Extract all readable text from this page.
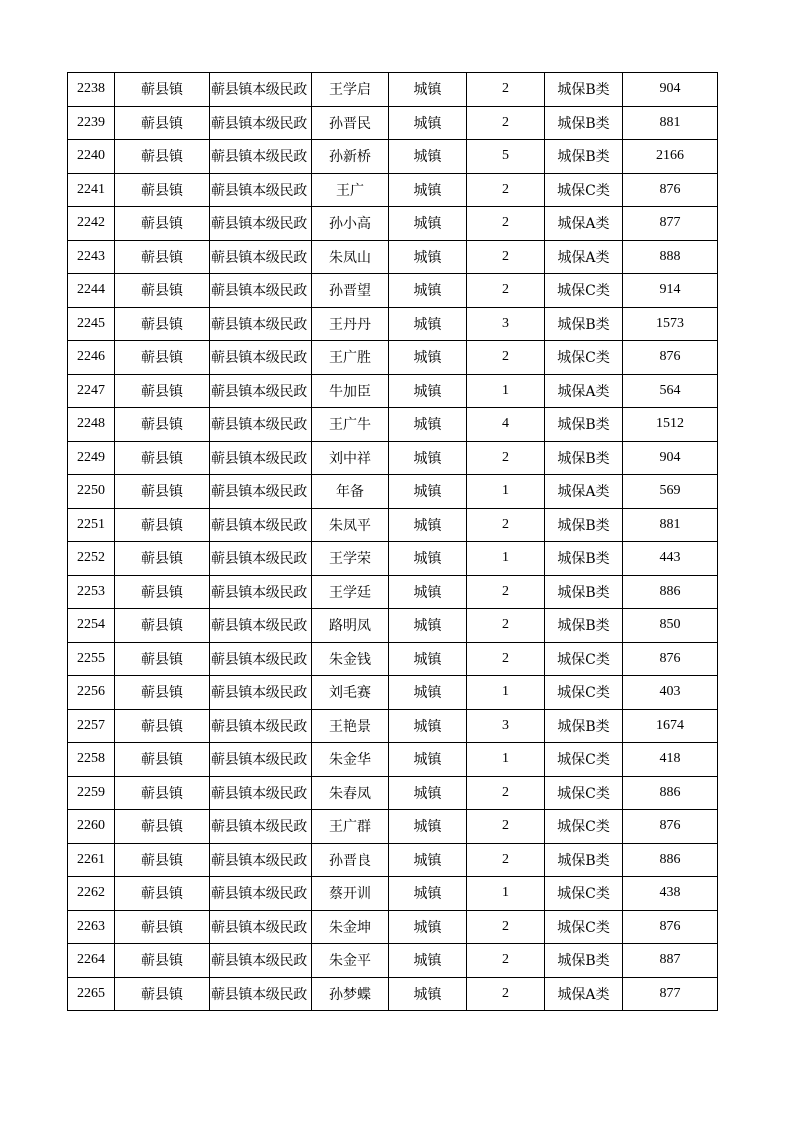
2238	蕲县镇	蕲县镇本级民政	王学启	城镇	2	城保B类	904
2239	蕲县镇	蕲县镇本级民政	孙晋民	城镇	2	城保B类	881
2240	蕲县镇	蕲县镇本级民政	孙新桥	城镇	5	城保B类	2166
2241	蕲县镇	蕲县镇本级民政	王广	城镇	2	城保C类	876
2242	蕲县镇	蕲县镇本级民政	孙小高	城镇	2	城保A类	877
2243	蕲县镇	蕲县镇本级民政	朱凤山	城镇	2	城保A类	888
2244	蕲县镇	蕲县镇本级民政	孙晋望	城镇	2	城保C类	914
2245	蕲县镇	蕲县镇本级民政	王丹丹	城镇	3	城保B类	1573
2246	蕲县镇	蕲县镇本级民政	王广胜	城镇	2	城保C类	876
2247	蕲县镇	蕲县镇本级民政	牛加臣	城镇	1	城保A类	564
2248	蕲县镇	蕲县镇本级民政	王广牛	城镇	4	城保B类	1512
2249	蕲县镇	蕲县镇本级民政	刘中祥	城镇	2	城保B类	904
2250	蕲县镇	蕲县镇本级民政	年备	城镇	1	城保A类	569
2251	蕲县镇	蕲县镇本级民政	朱凤平	城镇	2	城保B类	881
2252	蕲县镇	蕲县镇本级民政	王学荣	城镇	1	城保B类	443
2253	蕲县镇	蕲县镇本级民政	王学廷	城镇	2	城保B类	886
2254	蕲县镇	蕲县镇本级民政	路明凤	城镇	2	城保B类	850
2255	蕲县镇	蕲县镇本级民政	朱金钱	城镇	2	城保C类	876
2256	蕲县镇	蕲县镇本级民政	刘毛赛	城镇	1	城保C类	403
2257	蕲县镇	蕲县镇本级民政	王艳景	城镇	3	城保B类	1674
2258	蕲县镇	蕲县镇本级民政	朱金华	城镇	1	城保C类	418
2259	蕲县镇	蕲县镇本级民政	朱春凤	城镇	2	城保C类	886
2260	蕲县镇	蕲县镇本级民政	王广群	城镇	2	城保C类	876
2261	蕲县镇	蕲县镇本级民政	孙晋良	城镇	2	城保B类	886
2262	蕲县镇	蕲县镇本级民政	蔡开训	城镇	1	城保C类	438
2263	蕲县镇	蕲县镇本级民政	朱金坤	城镇	2	城保C类	876
2264	蕲县镇	蕲县镇本级民政	朱金平	城镇	2	城保B类	887
2265	蕲县镇	蕲县镇本级民政	孙梦蝶	城镇	2	城保A类	877
